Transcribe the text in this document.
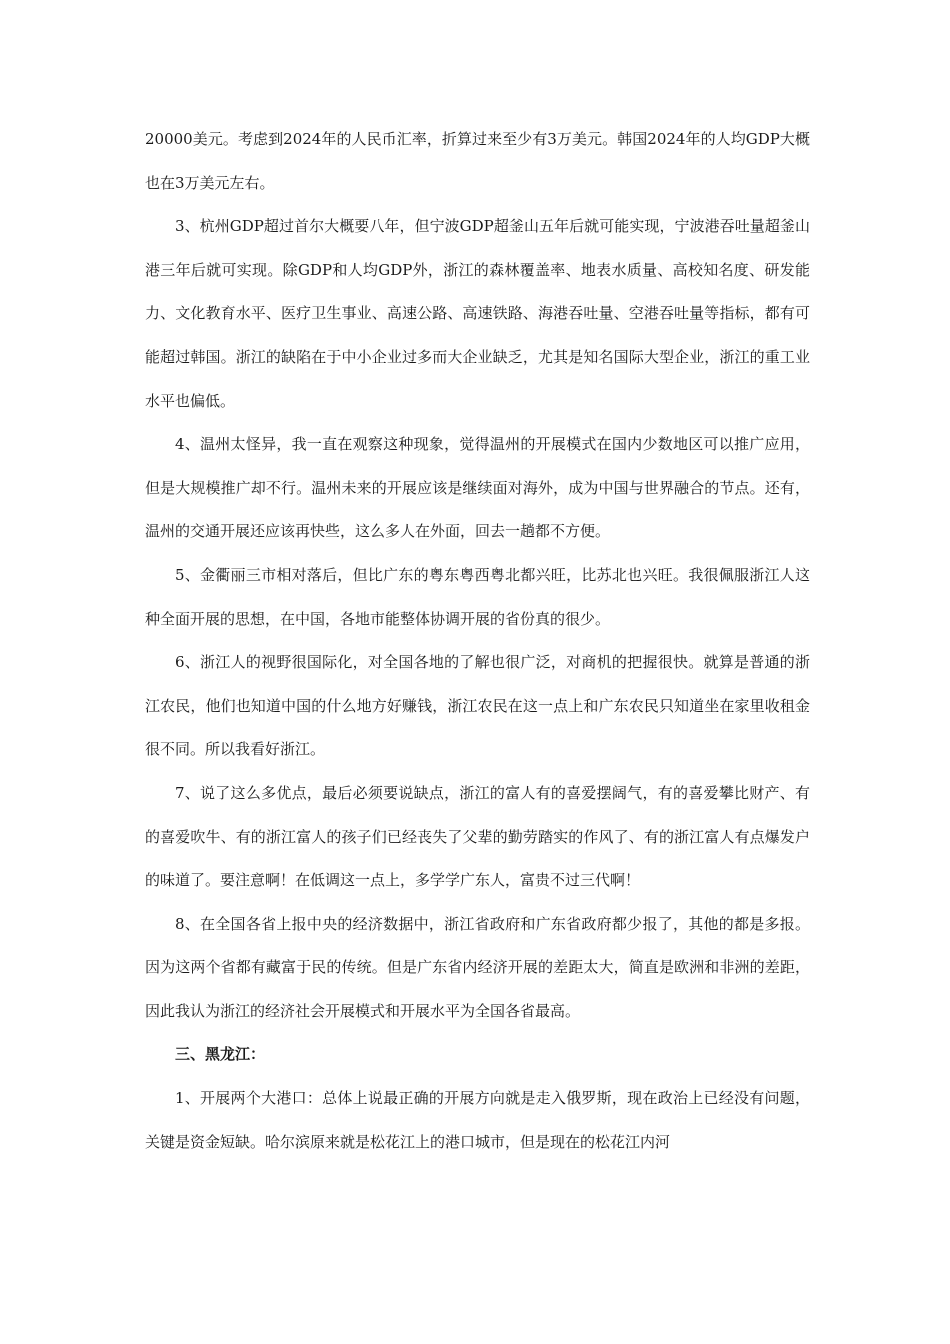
20000美元。考虑到2024年的人民币汇率，折算过来至少有3万美元。韩国2024年的人均GDP大概也在3万美元左右。

3、杭州GDP超过首尔大概要八年，但宁波GDP超釜山五年后就可能实现，宁波港吞吐量超釜山港三年后就可实现。除GDP和人均GDP外，浙江的森林覆盖率、地表水质量、高校知名度、研发能力、文化教育水平、医疗卫生事业、高速公路、高速铁路、海港吞吐量、空港吞吐量等指标，都有可能超过韩国。浙江的缺陷在于中小企业过多而大企业缺乏，尤其是知名国际大型企业，浙江的重工业水平也偏低。

4、温州太怪异，我一直在观察这种现象，觉得温州的开展模式在国内少数地区可以推广应用，但是大规模推广却不行。温州未来的开展应该是继续面对海外，成为中国与世界融合的节点。还有，温州的交通开展还应该再快些，这么多人在外面，回去一趟都不方便。

5、金衢丽三市相对落后，但比广东的粤东粤西粤北都兴旺，比苏北也兴旺。我很佩服浙江人这种全面开展的思想，在中国，各地市能整体协调开展的省份真的很少。

6、浙江人的视野很国际化，对全国各地的了解也很广泛，对商机的把握很快。就算是普通的浙江农民，他们也知道中国的什么地方好赚钱，浙江农民在这一点上和广东农民只知道坐在家里收租金很不同。所以我看好浙江。

7、说了这么多优点，最后必须要说缺点，浙江的富人有的喜爱摆阔气，有的喜爱攀比财产、有的喜爱吹牛、有的浙江富人的孩子们已经丧失了父辈的勤劳踏实的作风了、有的浙江富人有点爆发户的味道了。要注意啊！在低调这一点上，多学学广东人，富贵不过三代啊！

8、在全国各省上报中央的经济数据中，浙江省政府和广东省政府都少报了，其他的都是多报。因为这两个省都有藏富于民的传统。但是广东省内经济开展的差距太大，简直是欧洲和非洲的差距，因此我认为浙江的经济社会开展模式和开展水平为全国各省最高。

三、黑龙江：

1、开展两个大港口：总体上说最正确的开展方向就是走入俄罗斯，现在政治上已经没有问题，关键是资金短缺。哈尔滨原来就是松花江上的港口城市，但是现在的松花江内河
